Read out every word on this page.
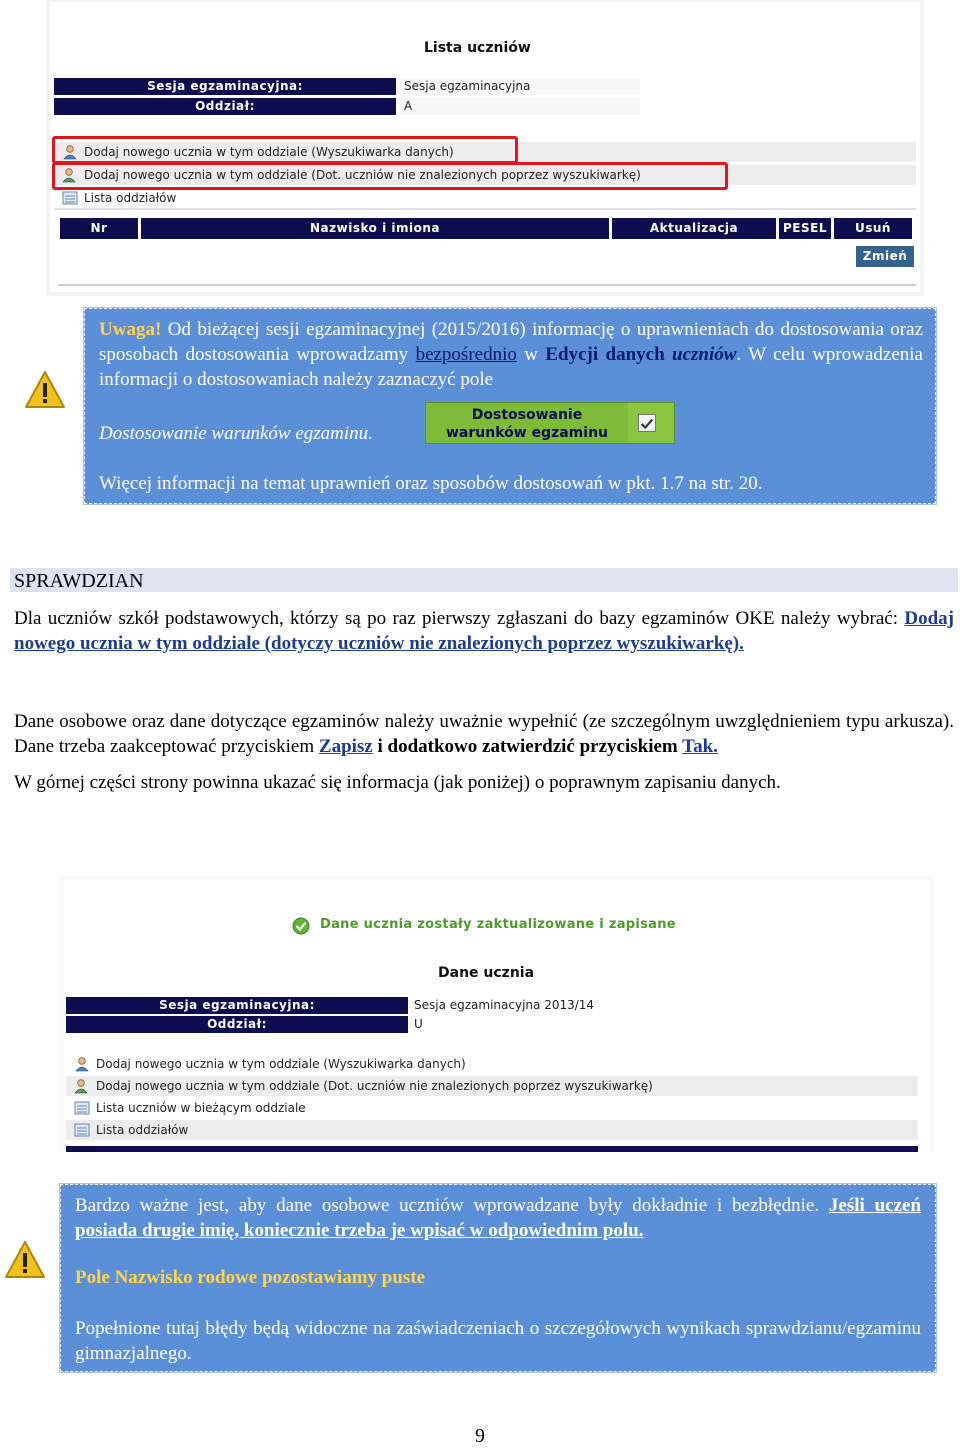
Lista uczniów
Sesja egzaminacyjna:	Sesja egzaminacyjna
Oddział:	A
Dodaj nowego ucznia w tym oddziale (Wyszukiwarka danych)
Dodaj nowego ucznia w tym oddziale (Dot. uczniów nie znalezionych poprzez wyszukiwarkę)
Lista oddziałów
Nr	Nazwisko i imiona	Aktualizacja	PESEL	Usuń
Zmień
Uwaga! Od bieżącej sesji egzaminacyjnej (2015/2016) informację o uprawnieniach do dostosowania oraz sposobach dostosowania wprowadzamy bezpośrednio w Edycji danych uczniów. W celu wprowadzenia informacji o dostosowaniach należy zaznaczyć pole
Dostosowanie warunków egzaminu.
Dostosowanie
warunków egzaminu
Więcej informacji na temat uprawnień oraz sposobów dostosowań w pkt. 1.7 na str. 20.
SPRAWDZIAN
Dla uczniów szkół podstawowych, którzy są po raz pierwszy zgłaszani do bazy egzaminów OKE należy wybrać: Dodaj nowego ucznia w tym oddziale (dotyczy uczniów nie znalezionych poprzez wyszukiwarkę).
Dane osobowe oraz dane dotyczące egzaminów należy uważnie wypełnić (ze szczególnym uwzględnieniem typu arkusza). Dane trzeba zaakceptować przyciskiem Zapisz i dodatkowo zatwierdzić przyciskiem Tak.
W górnej części strony powinna ukazać się informacja (jak poniżej) o poprawnym zapisaniu danych.
Dane ucznia zostały zaktualizowane i zapisane
Dane ucznia
Sesja egzaminacyjna:	Sesja egzaminacyjna 2013/14
Oddział:	U
Dodaj nowego ucznia w tym oddziale (Wyszukiwarka danych)
Dodaj nowego ucznia w tym oddziale (Dot. uczniów nie znalezionych poprzez wyszukiwarkę)
Lista uczniów w bieżącym oddziale
Lista oddziałów
Bardzo ważne jest, aby dane osobowe uczniów wprowadzane były dokładnie i bezbłędnie. Jeśli uczeń posiada drugie imię, koniecznie trzeba je wpisać w odpowiednim polu.
Pole Nazwisko rodowe pozostawiamy puste
Popełnione tutaj błędy będą widoczne na zaświadczeniach o szczegółowych wynikach sprawdzianu/egzaminu gimnazjalnego.
9
